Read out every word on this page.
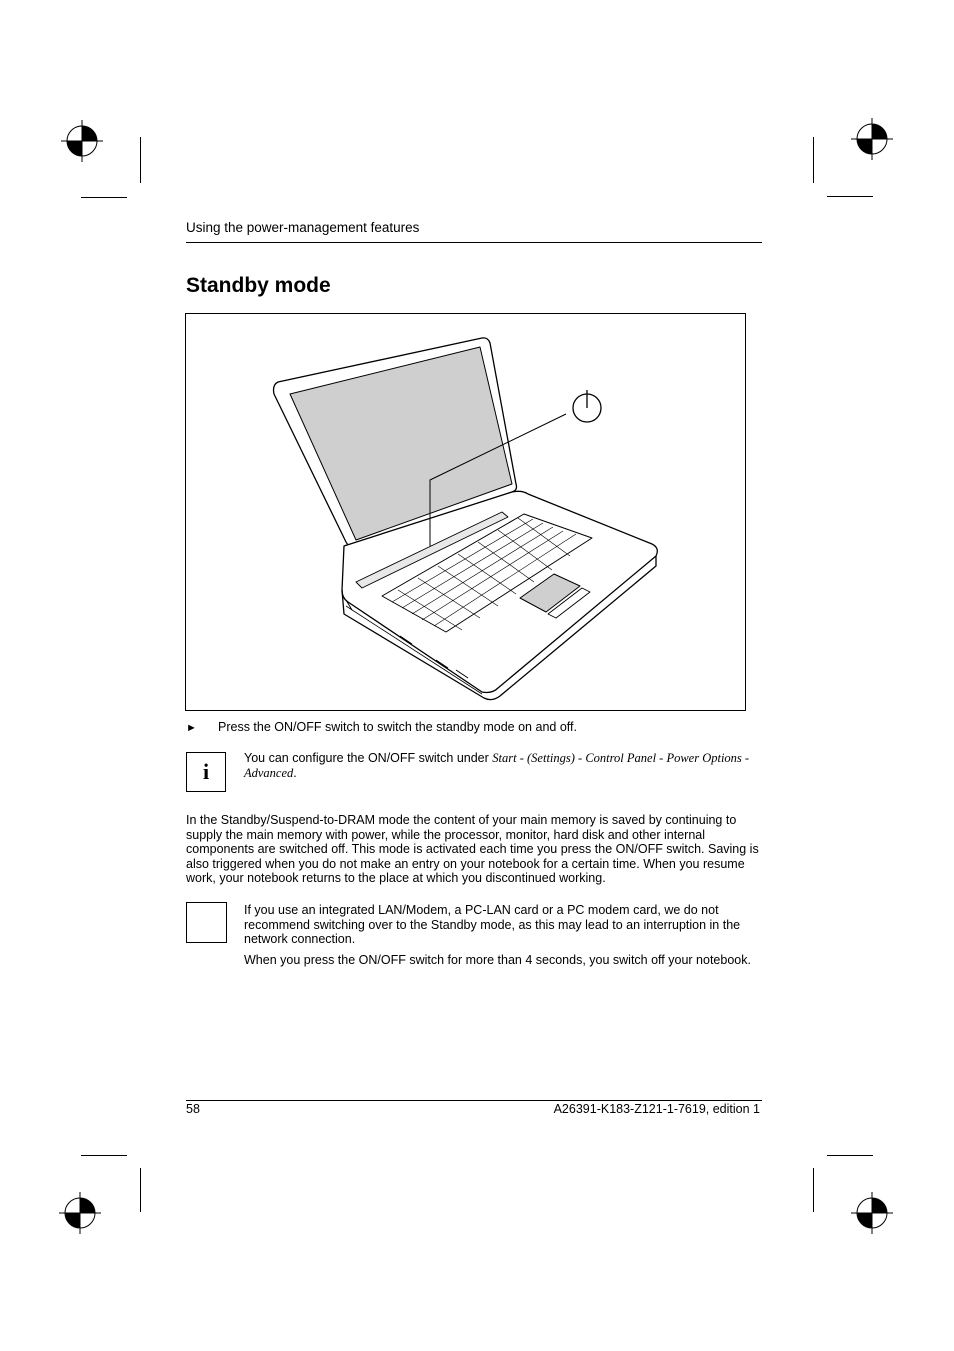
Using the power-management features
Standby mode
► Press the ON/OFF switch to switch the standby mode on and off.
i
You can configure the ON/OFF switch under Start - (Settings) - Control Panel - Power Options - Advanced.
In the Standby/Suspend-to-DRAM mode the content of your main memory is saved by continuing to supply the main memory with power, while the processor, monitor, hard disk and other internal components are switched off. This mode is activated each time you press the ON/OFF switch. Saving is also triggered when you do not make an entry on your notebook for a certain time. When you resume work, your notebook returns to the place at which you discontinued working.

If you use an integrated LAN/Modem, a PC-LAN card or a PC modem card, we do not recommend switching over to the Standby mode, as this may lead to an interruption in the network connection.

When you press the ON/OFF switch for more than 4 seconds, you switch off your notebook.

58	A26391-K183-Z121-1-7619, edition 1
